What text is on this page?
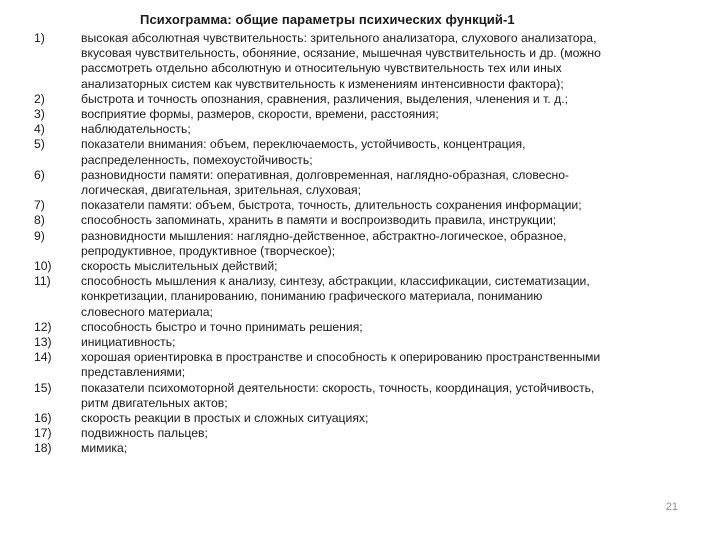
Психограмма: общие параметры психических функций-1
1)	высокая абсолютная чувствительность: зрительного анализатора, слухового анализатора,
вкусовая чувствительность, обоняние, осязание, мышечная чувствительность и др. (можно
рассмотреть отдельно абсолютную и относительную чувствительность тех или иных
анализаторных систем как чувствительность к изменениям интенсивности фактора);
2)	быстрота и точность опознания, сравнения, различения, выделения, членения и т. д.;
3)	восприятие формы, размеров, скорости, времени, расстояния;
4)	наблюдательность;
5)	показатели внимания: объем, переключаемость, устойчивость, концентрация,
распределенность, помехоустойчивость;
6)	разновидности памяти: оперативная, долговременная, наглядно-образная, словесно-
логическая, двигательная, зрительная, слуховая;
7)	показатели памяти: объем, быстрота, точность, длительность сохранения информации;
8)	способность запоминать, хранить в памяти и воспроизводить правила, инструкции;
9)	разновидности мышления: наглядно-действенное, абстрактно-логическое, образное,
репродуктивное, продуктивное (творческое);
10)	скорость мыслительных действий;
11)	способность мышления к анализу, синтезу, абстракции, классификации, систематизации,
конкретизации, планированию, пониманию графического материала, пониманию
словесного материала;
12)	способность быстро и точно принимать решения;
13)	инициативность;
14)	хорошая ориентировка в пространстве и способность к оперированию пространственными
представлениями;
15)	показатели психомоторной деятельности: скорость, точность, координация, устойчивость,
ритм двигательных актов;
16)	скорость реакции в простых и сложных ситуациях;
17)	подвижность пальцев;
18)	мимика;
21
